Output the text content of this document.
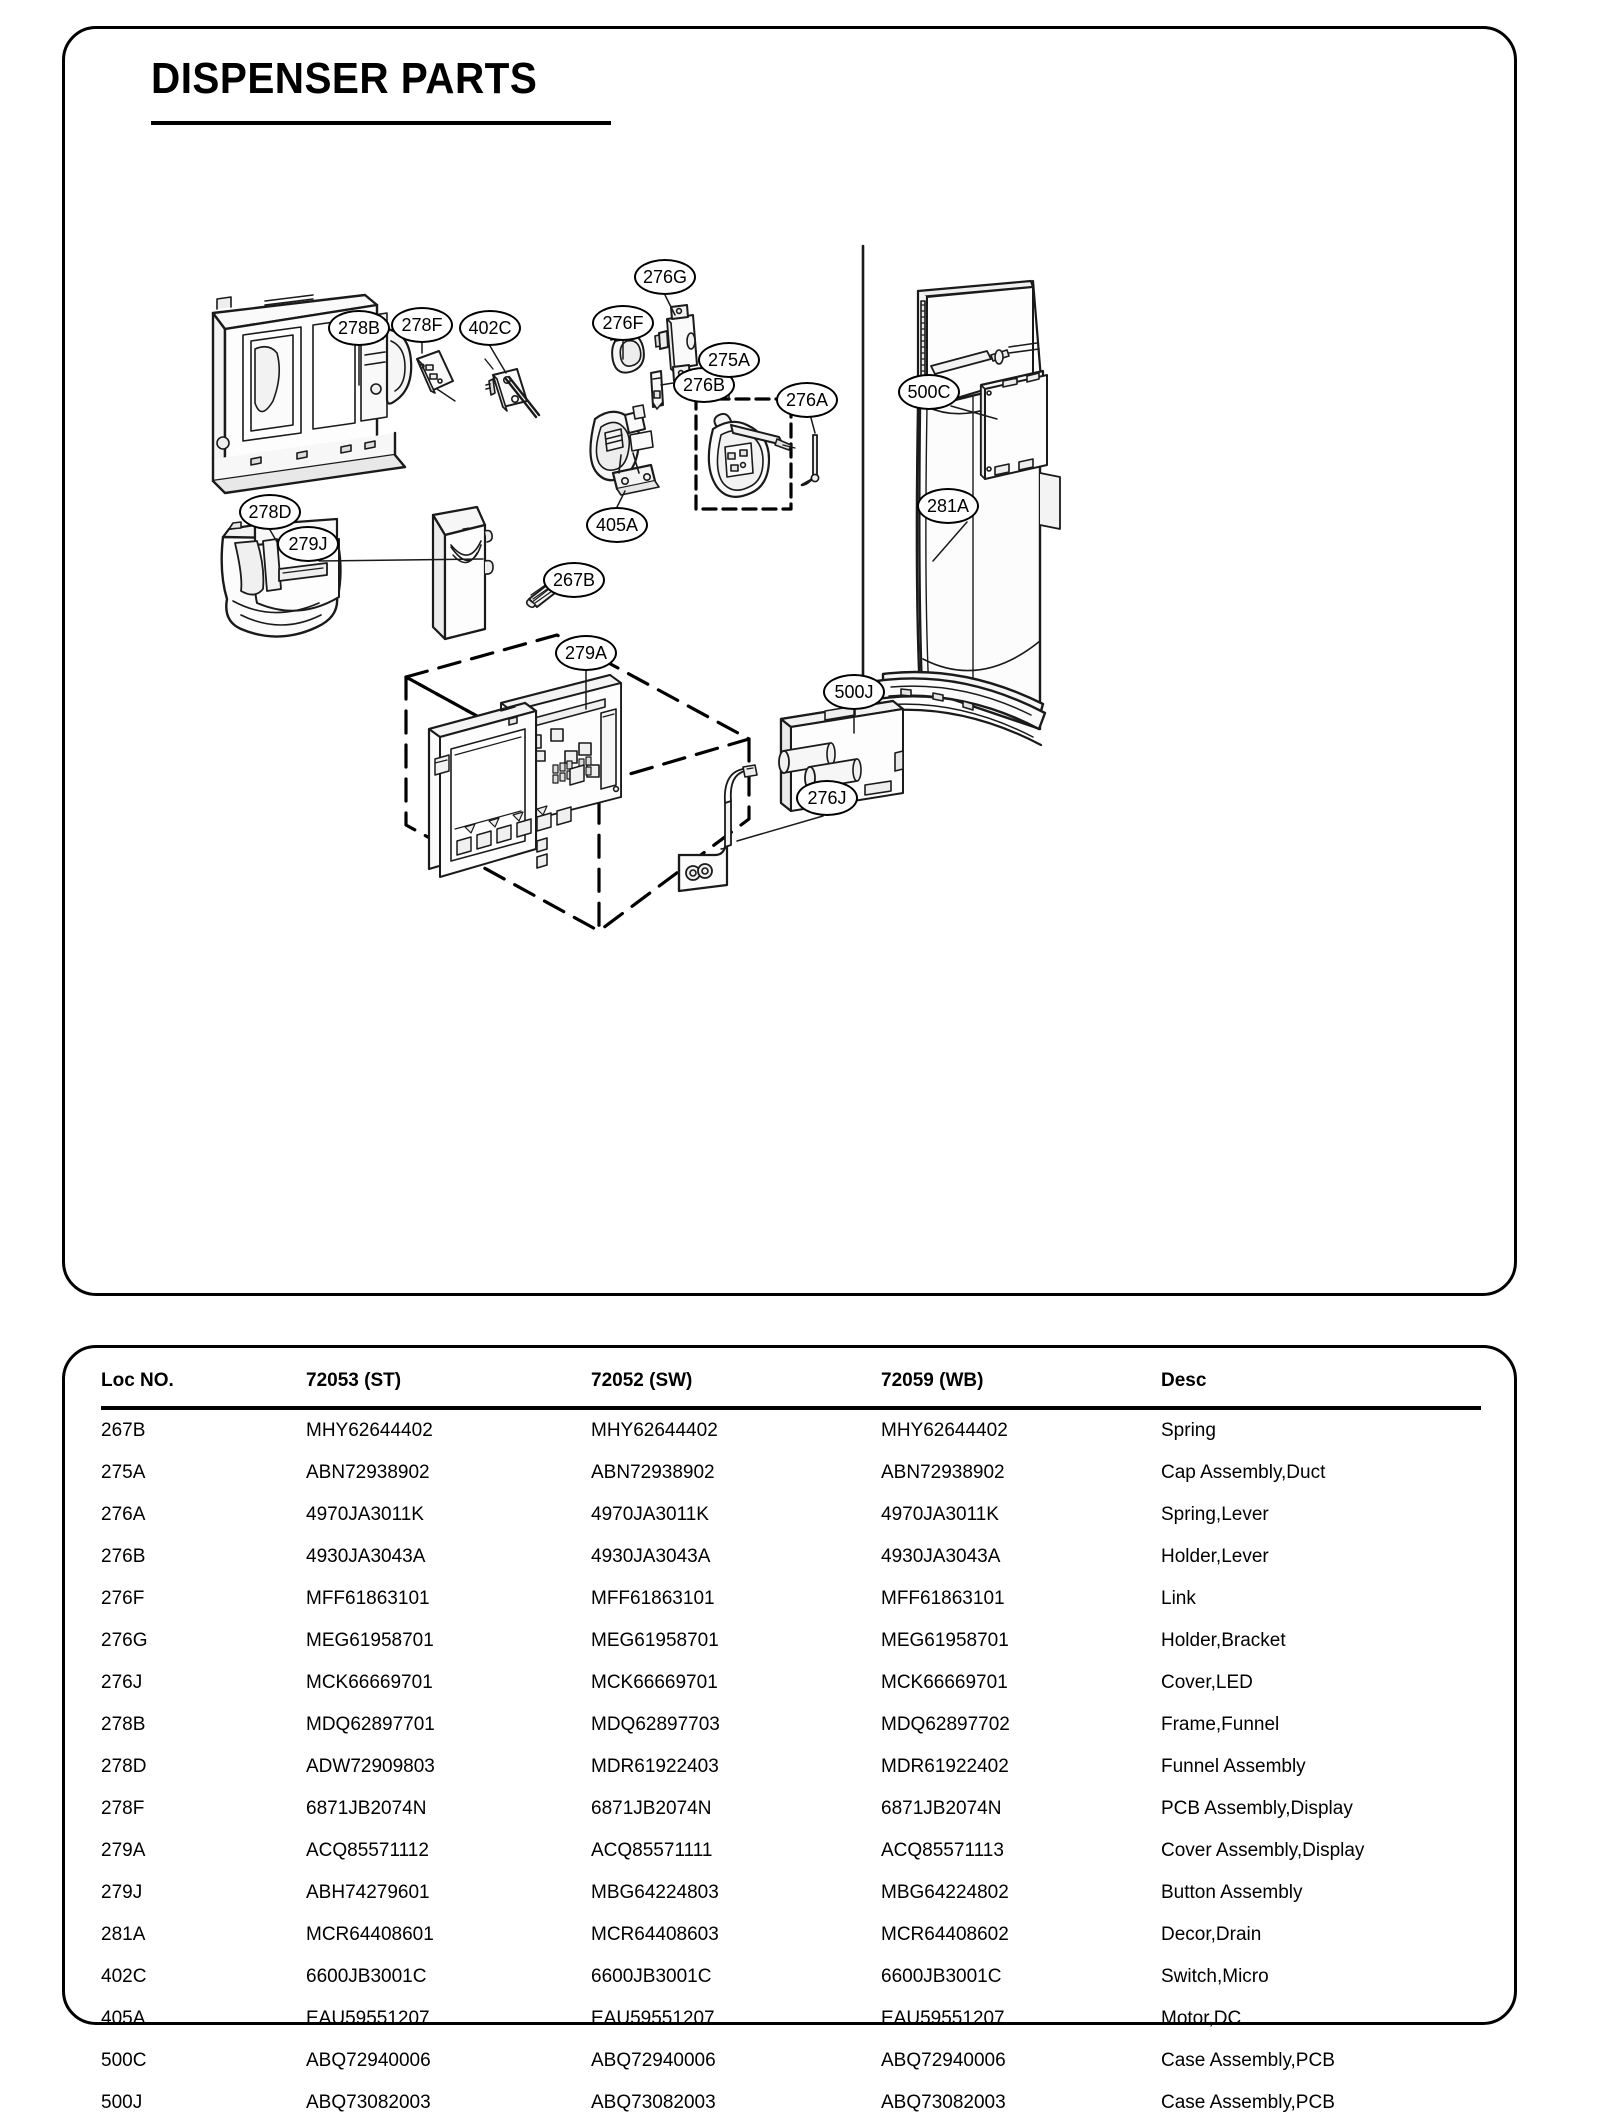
DISPENSER PARTS
278B 278F 402C	276F
276G
276B
275A
276A	500C
281A
278D
279J
267B
405A
279A
500J
276J
Loc NO.	72053 (ST)	72052 (SW)	72059 (WB)	Desc
267B	MHY62644402	MHY62644402	MHY62644402	Spring
275A	ABN72938902	ABN72938902	ABN72938902	Cap Assembly,Duct
276A	4970JA3011K	4970JA3011K	4970JA3011K	Spring,Lever
276B	4930JA3043A	4930JA3043A	4930JA3043A	Holder,Lever
276F	MFF61863101	MFF61863101	MFF61863101	Link
276G	MEG61958701	MEG61958701	MEG61958701	Holder,Bracket
276J	MCK66669701	MCK66669701	MCK66669701	Cover,LED
278B	MDQ62897701	MDQ62897703	MDQ62897702	Frame,Funnel
278D	ADW72909803	MDR61922403	MDR61922402	Funnel Assembly
278F	6871JB2074N	6871JB2074N	6871JB2074N	PCB Assembly,Display
279A	ACQ85571112	ACQ85571111	ACQ85571113	Cover Assembly,Display
279J	ABH74279601	MBG64224803	MBG64224802	Button Assembly
281A	MCR64408601	MCR64408603	MCR64408602	Decor,Drain
402C	6600JB3001C	6600JB3001C	6600JB3001C	Switch,Micro
405A	EAU59551207	EAU59551207	EAU59551207	Motor,DC
500C	ABQ72940006	ABQ72940006	ABQ72940006	Case Assembly,PCB
500J	ABQ73082003	ABQ73082003	ABQ73082003	Case Assembly,PCB
